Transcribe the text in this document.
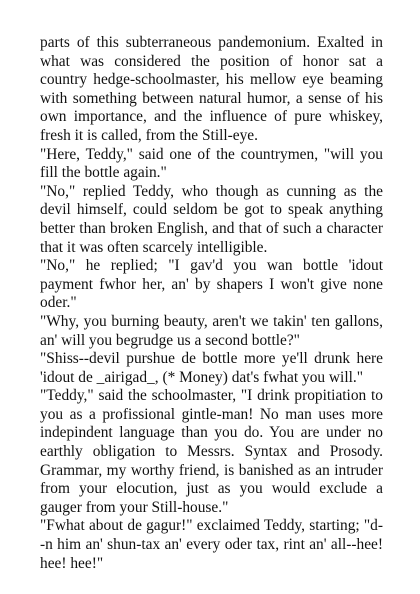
parts of this subterraneous pandemonium. Exalted in what was considered the position of honor sat a country hedge-schoolmaster, his mellow eye beaming with something between natural humor, a sense of his own importance, and the influence of pure whiskey, fresh it is called, from the Still-eye.

"Here, Teddy," said one of the countrymen, "will you fill the bottle again."

"No," replied Teddy, who though as cunning as the devil himself, could seldom be got to speak anything better than broken English, and that of such a character that it was often scarcely intelligible.

"No," he replied; "I gav'd you wan bottle 'idout payment fwhor her, an' by shapers I won't give none oder."

"Why, you burning beauty, aren't we takin' ten gallons, an' will you begrudge us a second bottle?"

"Shiss--devil purshue de bottle more ye'll drunk here 'idout de _airigad_, (* Money) dat's fwhat you will."

"Teddy," said the schoolmaster, "I drink propitiation to you as a profissional gintle-man! No man uses more indepindent language than you do. You are under no earthly obligation to Messrs. Syntax and Prosody. Grammar, my worthy friend, is banished as an intruder from your elocution, just as you would exclude a gauger from your Still-house."

"Fwhat about de gagur!" exclaimed Teddy, starting; "d--n him an' shun-tax an' every oder tax, rint an' all--hee! hee! hee!"
